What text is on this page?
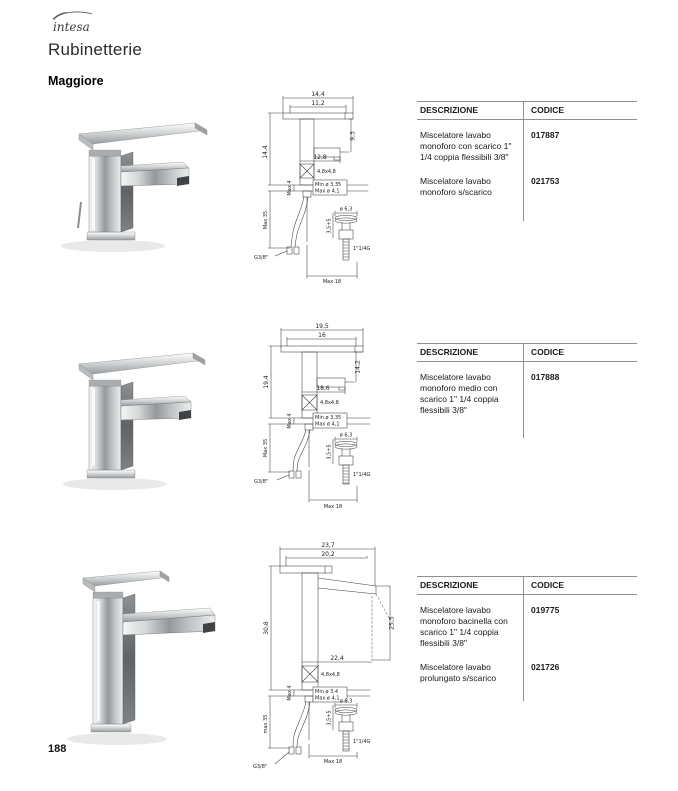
intesa
Rubinetterie
Maggiore
14,4
11,2
14,4
9,3
12,8
4,8x4,8
Max 4	Min ø 3,35
Max ø 4,1
Max 35
G3/8"
ø 6,3
3,5+5
1"1/4G
Max 18
DESCRIZIONE	CODICE
Miscelatore lavabo monoforo con scarico 1" 1/4 coppia flessibili 3/8"
017887
Miscelatore lavabo monoforo s/scarico
021753
19,5
16
19,4
14,2
18,6
4,8x4,8
Max 4	Min ø 3,35
Max ø 4,1
Max 35
G3/8"
ø 6,3
3,5+5
1"1/4G
Max 18
DESCRIZIONE	CODICE
Miscelatore lavabo monoforo medio con scarico 1" 1/4 coppia flessibili 3/8"
017888
23,7
20,2
30,8	25,5
22,4
4,8x4,8
Max 4	Min ø 3,4
Max ø 4,1
max 35
G3/8"
ø 6,3
3,5+5
1"1/4G
Max 18
DESCRIZIONE	CODICE
Miscelatore lavabo monoforo bacinella con scarico 1" 1/4 coppia flessibili 3/8"
019775
Miscelatore lavabo prolungato s/scarico
021726
188
